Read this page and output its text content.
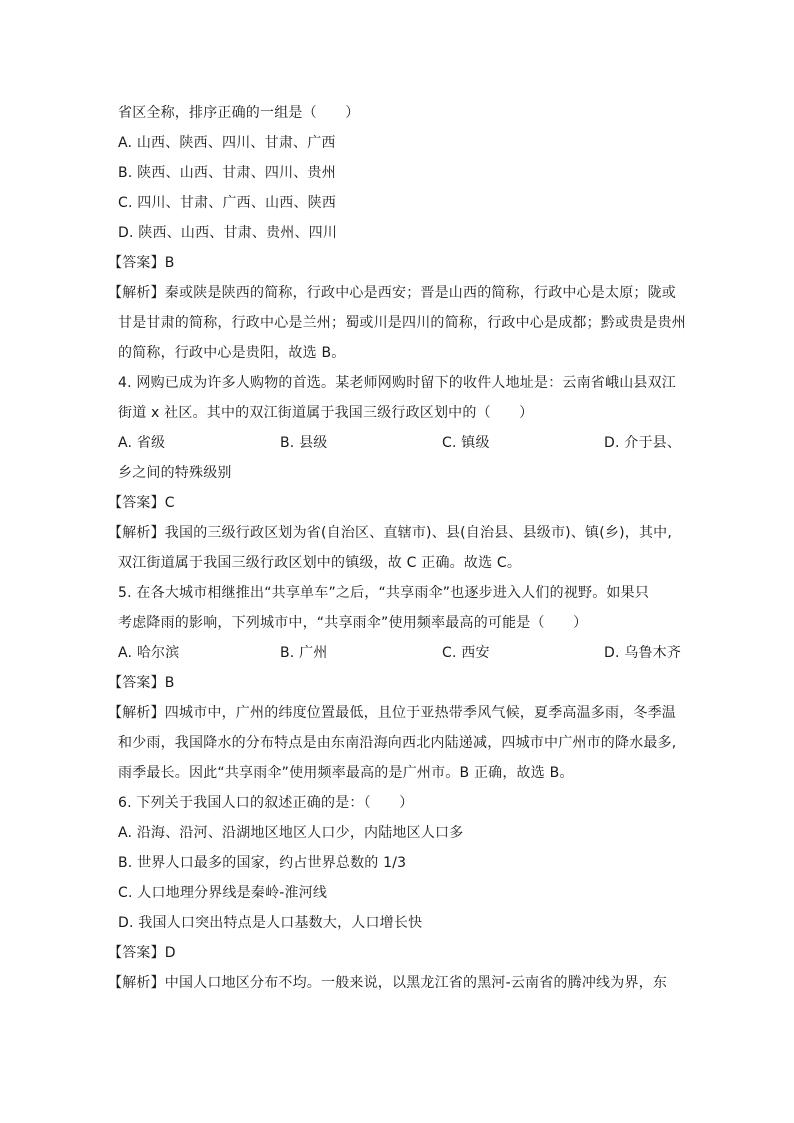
省区全称，排序正确的一组是（　　）
A. 山西、陕西、四川、甘肃、广西
B. 陕西、山西、甘肃、四川、贵州
C. 四川、甘肃、广西、山西、陕西
D. 陕西、山西、甘肃、贵州、四川
【答案】B
【解析】秦或陕是陕西的简称，行政中心是西安；晋是山西的简称，行政中心是太原；陇或
甘是甘肃的简称，行政中心是兰州；蜀或川是四川的简称，行政中心是成都；黔或贵是贵州
的简称，行政中心是贵阳，故选 B。
4. 网购已成为许多人购物的首选。某老师网购时留下的收件人地址是：云南省峨山县双江
街道 x 社区。其中的双江街道属于我国三级行政区划中的（　　）
A. 省级	B. 县级	C. 镇级	D. 介于县、
乡之间的特殊级别
【答案】C
【解析】我国的三级行政区划为省(自治区、直辖市)、县(自治县、县级市)、镇(乡)，其中,
双江街道属于我国三级行政区划中的镇级，故 C 正确。故选 C。
5. 在各大城市相继推出“共享单车”之后，“共享雨伞”也逐步进入人们的视野。如果只
考虑降雨的影响，下列城市中，“共享雨伞”使用频率最高的可能是（　　）
A. 哈尔滨	B. 广州	C. 西安	D. 乌鲁木齐
【答案】B
【解析】四城市中，广州的纬度位置最低，且位于亚热带季风气候，夏季高温多雨，冬季温
和少雨，我国降水的分布特点是由东南沿海向西北内陆递减，四城市中广州市的降水最多,
雨季最长。因此“共享雨伞”使用频率最高的是广州市。B 正确，故选 B。
6. 下列关于我国人口的叙述正确的是：（　　）
A. 沿海、沿河、沿湖地区地区人口少，内陆地区人口多
B. 世界人口最多的国家，约占世界总数的 1/3
C. 人口地理分界线是秦岭-淮河线
D. 我国人口突出特点是人口基数大，人口增长快
【答案】D
【解析】中国人口地区分布不均。一般来说，以黑龙江省的黑河-云南省的腾冲线为界，东
